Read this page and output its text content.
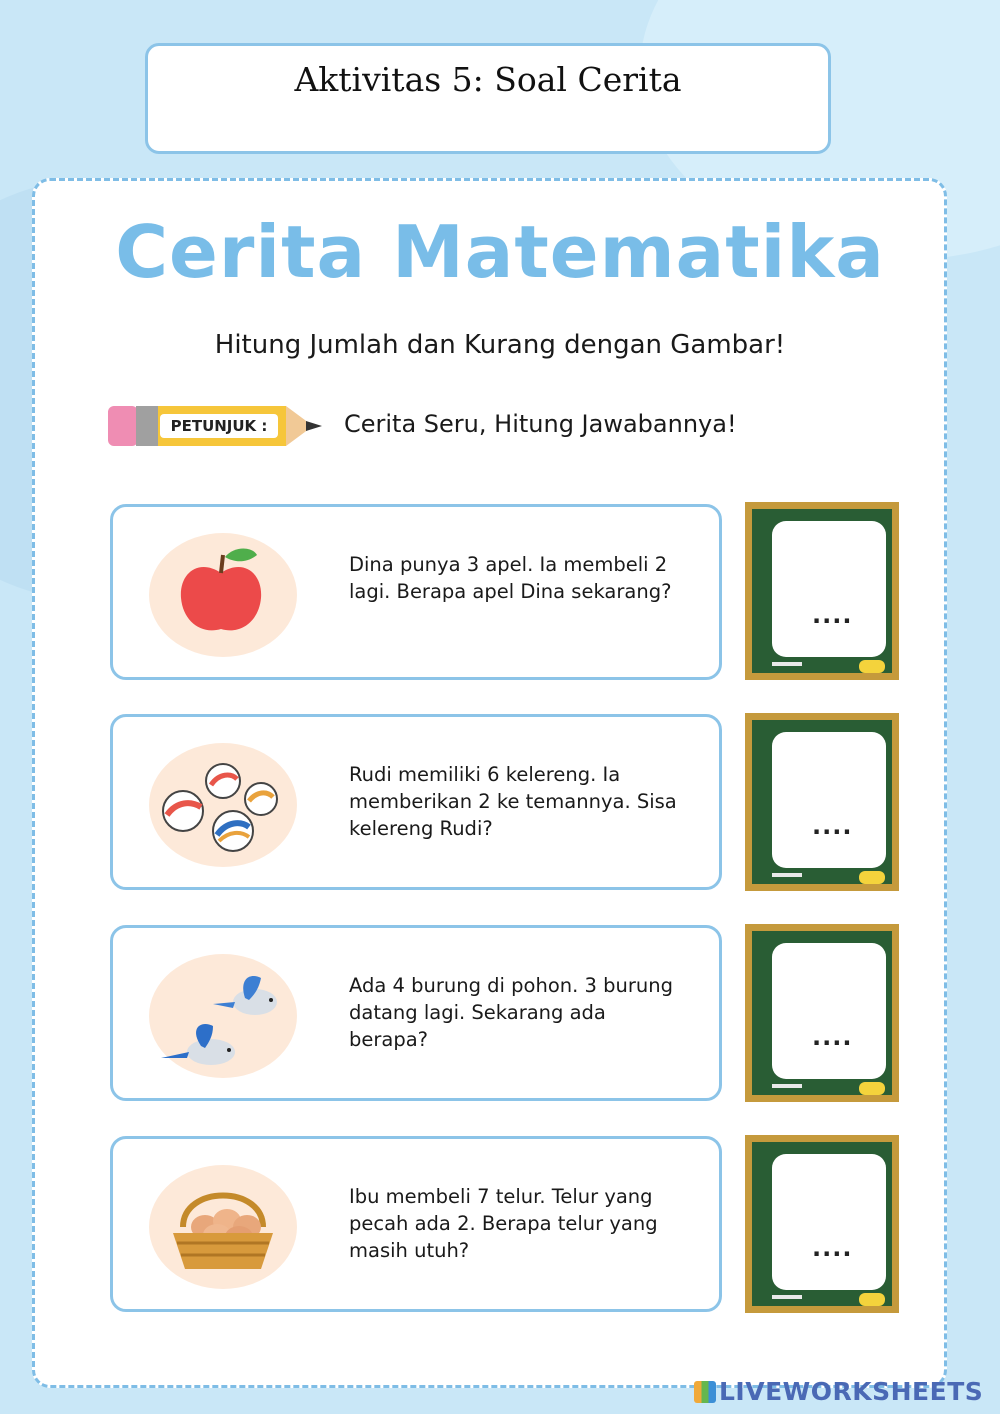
Aktivitas 5: Soal Cerita
Cerita Matematika
Hitung Jumlah dan Kurang dengan Gambar!
PETUNJUK :	Cerita Seru, Hitung Jawabannya!
Dina punya 3 apel. Ia membeli 2 lagi. Berapa apel Dina sekarang?
....
Rudi memiliki 6 kelereng. Ia memberikan 2 ke temannya. Sisa kelereng Rudi?	....
Ada 4 burung di pohon. 3 burung datang lagi. Sekarang ada berapa?	....
Ibu membeli 7 telur. Telur yang pecah ada 2. Berapa telur yang masih utuh?	....
LIVEWORKSHEETS
